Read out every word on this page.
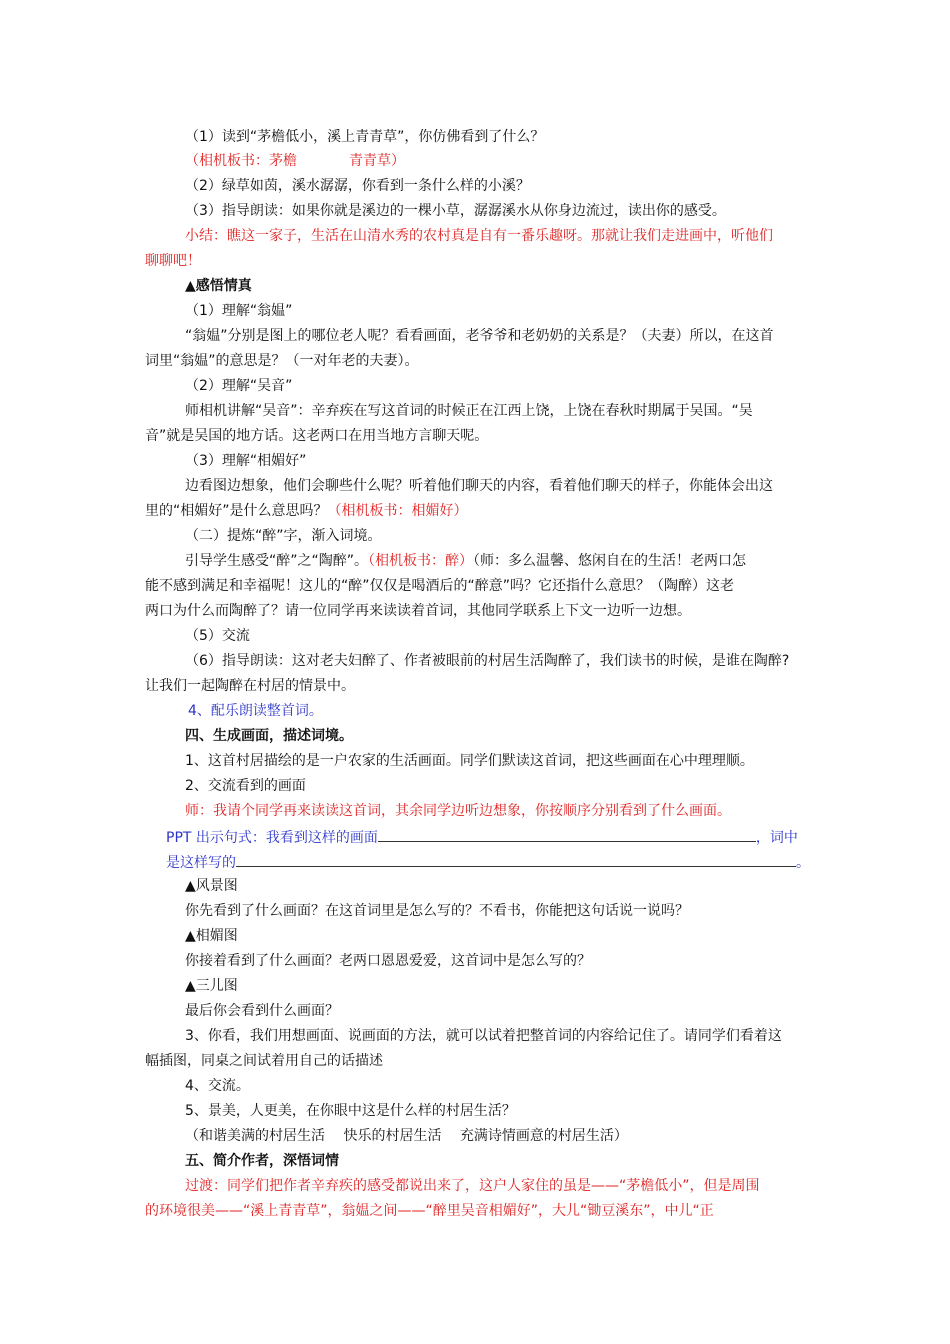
（1）读到“茅檐低小，溪上青青草”，你仿佛看到了什么？
（相机板书：茅檐	青青草）
（2）绿草如茵，溪水潺潺，你看到一条什么样的小溪？
（3）指导朗读：如果你就是溪边的一棵小草，潺潺溪水从你身边流过，读出你的感受。
小结：瞧这一家子，生活在山清水秀的农村真是自有一番乐趣呀。那就让我们走进画中，听他们
聊聊吧！
▲感悟情真
（1）理解“翁媪”
“翁媪”分别是图上的哪位老人呢？看看画面，老爷爷和老奶奶的关系是？（夫妻）所以，在这首
词里“翁媪”的意思是？（一对年老的夫妻）。
（2）理解“吴音”
师相机讲解“吴音”：辛弃疾在写这首词的时候正在江西上饶，上饶在春秋时期属于吴国。“吴
音”就是吴国的地方话。这老两口在用当地方言聊天呢。
（3）理解“相媚好”
边看图边想象，他们会聊些什么呢？听着他们聊天的内容，看着他们聊天的样子，你能体会出这
里的“相媚好”是什么意思吗？（相机板书：相媚好）
（二）提炼“醉”字，渐入词境。
引导学生感受“醉”之“陶醉”。（相机板书：醉）（师：多么温馨、悠闲自在的生活！老两口怎
能不感到满足和幸福呢！这儿的“醉”仅仅是喝酒后的“醉意”吗？它还指什么意思？（陶醉）这老
两口为什么而陶醉了？请一位同学再来读读着首词，其他同学联系上下文一边听一边想。
（5）交流
（6）指导朗读：这对老夫妇醉了、作者被眼前的村居生活陶醉了，我们读书的时候，是谁在陶醉?
让我们一起陶醉在村居的情景中。
4、配乐朗读整首词。
四、生成画面，描述词境。
1、这首村居描绘的是一户农家的生活画面。同学们默读这首词，把这些画面在心中理理顺。
2、交流看到的画面
师：我请个同学再来读读这首词，其余同学边听边想象，你按顺序分别看到了什么画面。
PPT 出示句式：我看到这样的画面	，词中
是这样写的	。
▲风景图
你先看到了什么画面？在这首词里是怎么写的？不看书，你能把这句话说一说吗？
▲相媚图
你接着看到了什么画面？老两口恩恩爱爱，这首词中是怎么写的？
▲三儿图
最后你会看到什么画面？
3、你看，我们用想画面、说画面的方法，就可以试着把整首词的内容给记住了。请同学们看着这
幅插图，同桌之间试着用自己的话描述
4、交流。
5、景美，人更美，在你眼中这是什么样的村居生活？
（和谐美满的村居生活　 快乐的村居生活　 充满诗情画意的村居生活）
五、简介作者，深悟词情
过渡：同学们把作者辛弃疾的感受都说出来了，这户人家住的虽是——“茅檐低小”，但是周围
的环境很美——“溪上青青草”，翁媪之间——“醉里吴音相媚好”，大儿“锄豆溪东”，中儿“正
